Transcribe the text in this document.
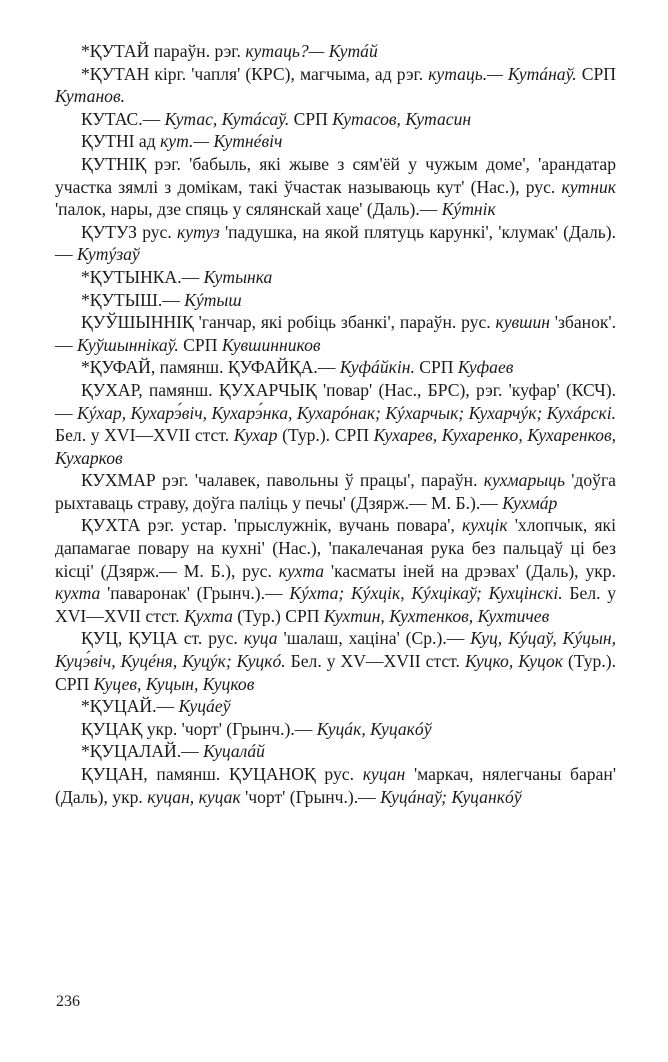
*ҚУТАЙ параўн. рэг. кутаць?— Кутáй

*ҚУТАН кірг. 'чапля' (КРС), магчыма, ад рэг. кутаць.— Кутáнаў. СРП Кутанов.

КУТАС.— Кутас, Кутáсаў. СРП Кутасов, Кутасин

ҚУТНІ ад кут.— Кутнéвіч

ҚУТНІҚ рэг. 'бабыль, які жыве з сям'ёй у чужым доме', 'арандатар участка зямлі з домікам, такі ўчастак называюць кут' (Нас.), рус. кутник 'палок, нары, дзе спяць у сялянскай хаце' (Даль).— Кýтнік

ҚУТУЗ рус. кутуз 'падушка, на якой плятуць карункі', 'клумак' (Даль).— Кутýзаў

*ҚУТЫНКА.— Кутынка

*ҚУТЫШ.— Кýтыш

ҚУЎШЫННІҚ 'ганчар, які робіць збанкі', параўн. рус. кувшин 'збанок'.— Куўшыннікаў. СРП Кувшинников

*ҚУФАЙ, памянш. ҚУФАЙҚА.— Куфáйкін. СРП Куфаев

ҚУХАР, памянш. ҚУХАРЧЫҚ 'повар' (Нас., БРС), рэг. 'куфар' (КСЧ).— Кýхар, Кухарэ́віч, Кухарэ́нка, Кухарóнак; Кýхарчык; Кухарчýк; Кухáрскі. Бел. у XVI—XVII стст. Кухар (Тур.). СРП Кухарев, Кухаренко, Кухаренков, Кухарков

КУХМАР рэг. 'чалавек, павольны ў працы', параўн. кухмарыць 'доўга рыхтаваць страву, доўга паліць у печы' (Дзярж.— М. Б.).— Кухмáр

ҚУХТА рэг. устар. 'прыслужнік, вучань повара', кухцік 'хлопчык, які дапамагае повару на кухні' (Нас.), 'пакалечаная рука без пальцаў ці без кісці' (Дзярж.— М. Б.), рус. кухта 'касматы іней на дрэвах' (Даль), укр. кухта 'паваронак' (Грынч.).— Кýхта; Кýхцік, Кýхцікаў; Кухцінскі. Бел. у XVI—XVII стст. Қухта (Тур.) СРП Кухтин, Кухтенков, Кухтичев

ҚУЦ, ҚУЦА ст. рус. куца 'шалаш, хаціна' (Ср.).— Куц, Кýцаў, Кýцын, Куцэ́віч, Куцéня, Куцýк; Куцкó. Бел. у XV—XVII стст. Куцко, Куцок (Тур.). СРП Куцев, Куцын, Куцков

*ҚУЦАЙ.— Куцáеў

ҚУЦАҚ укр. 'чорт' (Грынч.).— Куцáк, Куцакóў

*ҚУЦАЛАЙ.— Куцалáй

ҚУЦАН, памянш. ҚУЦАНОҚ рус. куцан 'маркач, нялегчаны баран' (Даль), укр. куцан, куцак 'чорт' (Грынч.).— Куцáнаў; Куцанкóў

236
